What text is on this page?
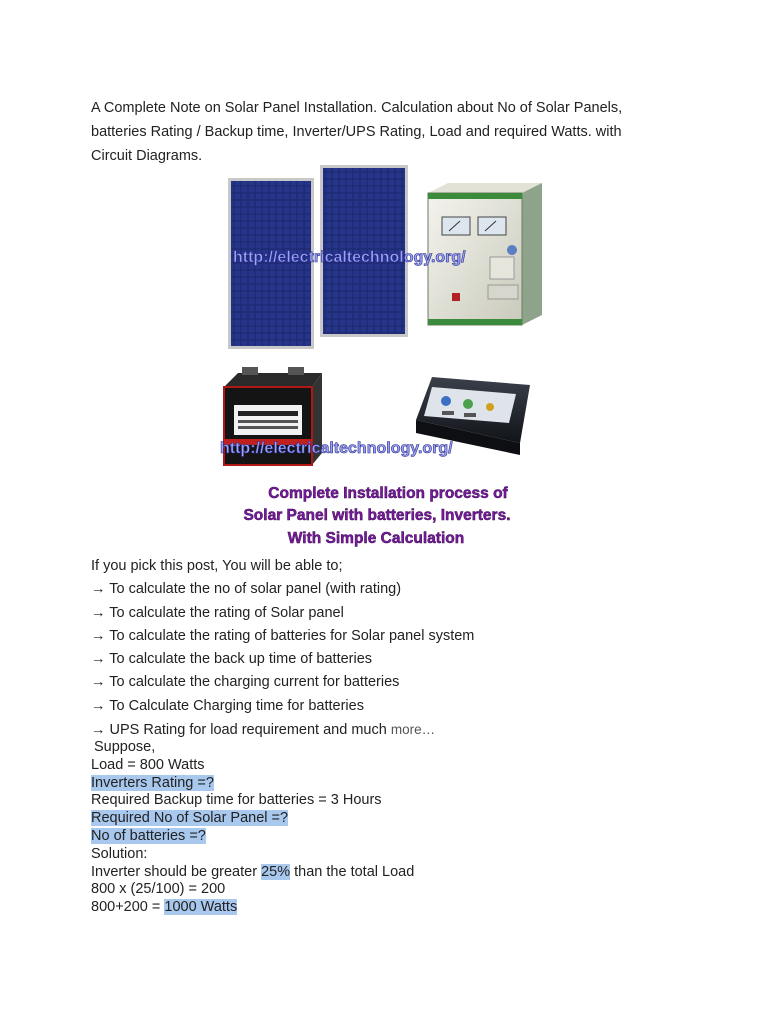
A Complete Note on Solar Panel Installation. Calculation about No of Solar Panels,
batteries Rating / Backup time, Inverter/UPS Rating, Load and required Watts. with
Circuit Diagrams.
http://electricaltechnology.org/
http://electricaltechnology.org/
Complete Installation process of
Solar Panel with batteries, Inverters.
With Simple Calculation
If you pick this post, You will be able to;
→ To calculate the no of solar panel (with rating)
→ To calculate the rating of Solar panel
→ To calculate the rating of batteries for Solar panel system
→ To calculate the back up time of batteries
→ To calculate the charging current for batteries
→ To Calculate Charging time for batteries
→ UPS Rating for load requirement and much more…
Suppose,
Load = 800 Watts
Inverters Rating =?
Required Backup time for batteries = 3 Hours
Required No of Solar Panel =?
No of batteries =?
Solution:
Inverter should be greater 25% than the total Load
800 x (25/100) = 200
800+200 = 1000 Watts
